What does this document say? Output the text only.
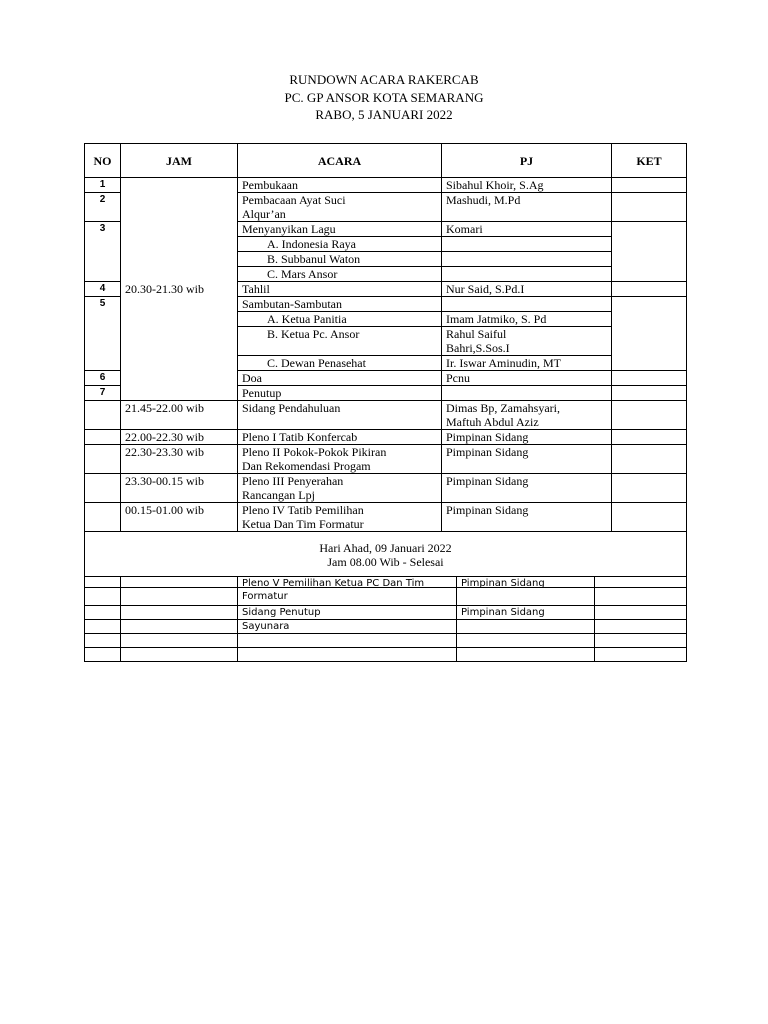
RUNDOWN ACARA RAKERCAB
PC. GP ANSOR KOTA SEMARANG
RABO, 5 JANUARI 2022
NO	JAM	ACARA	PJ	KET
1	20.30-21.30 wib	Pembukaan	Sibahul Khoir, S.Ag	
2		Pembacaan Ayat Suci
Alqur’an	Mashudi, M.Pd	
3		Menyanyikan Lagu	Komari	
		A. Indonesia Raya		
		B. Subbanul Waton		
		C. Mars Ansor		
4		Tahlil	Nur Said, S.Pd.I	
5		Sambutan-Sambutan		
		A. Ketua Panitia	Imam Jatmiko, S. Pd	
		B. Ketua Pc. Ansor	Rahul Saiful
Bahri,S.Sos.I	

		C. Dewan Penasehat	Ir. Iswar Aminudin, MT	
6		Doa	Pcnu	
7		Penutup		
	21.45-22.00 wib	Sidang Pendahuluan	Dimas Bp, Zamahsyari,
Maftuh Abdul Aziz	

	22.00-22.30 wib	Pleno I Tatib Konfercab	Pimpinan Sidang	
	22.30-23.30 wib	Pleno II Pokok-Pokok Pikiran
Dan Rekomendasi Progam	Pimpinan Sidang	
	23.30-00.15 wib	Pleno III Penyerahan
Rancangan Lpj	Pimpinan Sidang	
	00.15-01.00 wib	Pleno IV Tatib Pemilihan
Ketua Dan Tim Formatur	Pimpinan Sidang	

Hari Ahad, 09 Januari 2022
Jam 08.00 Wib - Selesai				

		Pleno V Pemilihan Ketua PC Dan Tim
Formatur	Pimpinan Sidang	
		Sidang Penutup	Pimpinan Sidang	
		Sayunara		
